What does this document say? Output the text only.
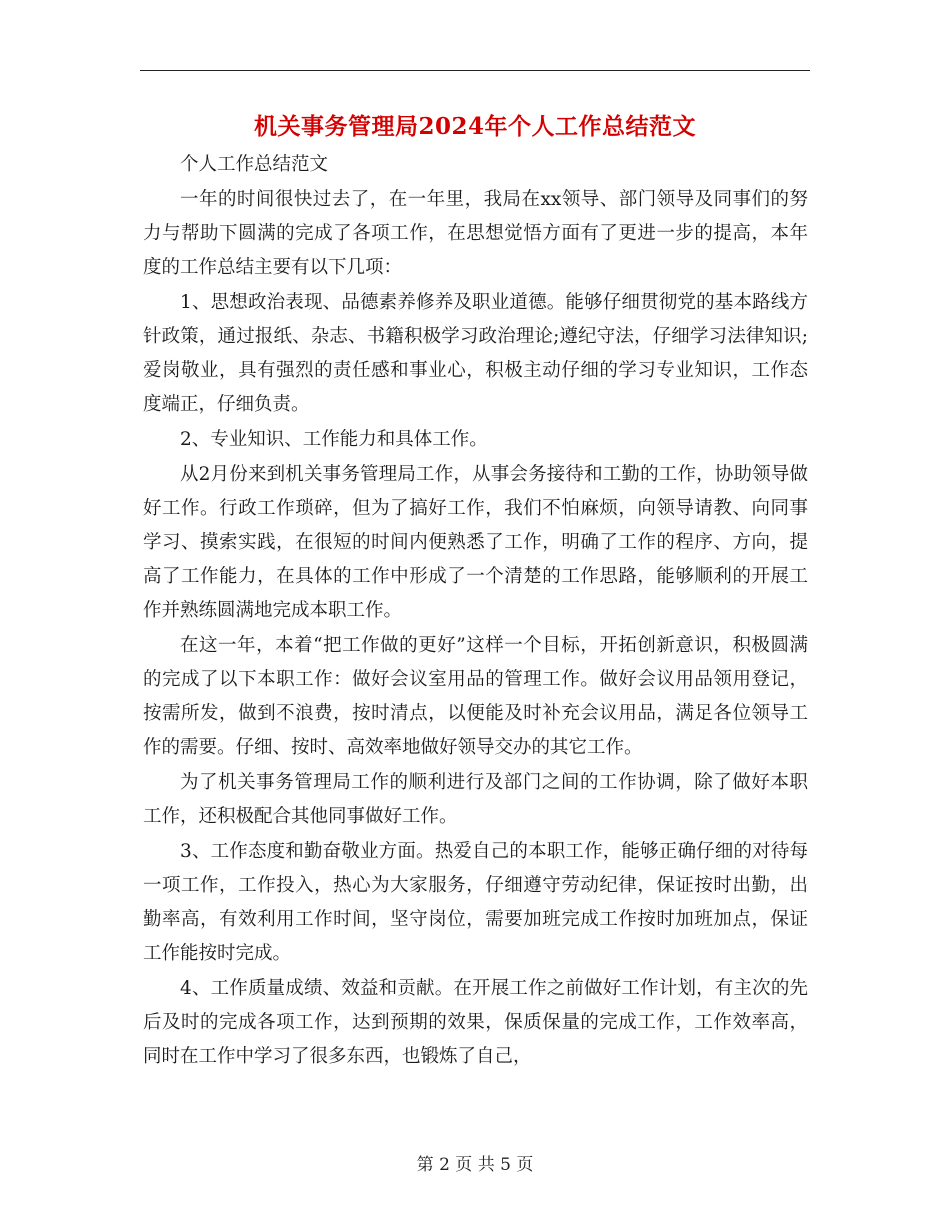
机关事务管理局2024年个人工作总结范文

个人工作总结范文

一年的时间很快过去了，在一年里，我局在xx领导、部门领导及同事们的努力与帮助下圆满的完成了各项工作，在思想觉悟方面有了更进一步的提高，本年度的工作总结主要有以下几项：

1、思想政治表现、品德素养修养及职业道德。能够仔细贯彻党的基本路线方针政策，通过报纸、杂志、书籍积极学习政治理论;遵纪守法，仔细学习法律知识;爱岗敬业，具有强烈的责任感和事业心，积极主动仔细的学习专业知识，工作态度端正，仔细负责。

2、专业知识、工作能力和具体工作。

从2月份来到机关事务管理局工作，从事会务接待和工勤的工作，协助领导做好工作。行政工作琐碎，但为了搞好工作，我们不怕麻烦，向领导请教、向同事学习、摸索实践，在很短的时间内便熟悉了工作，明确了工作的程序、方向，提高了工作能力，在具体的工作中形成了一个清楚的工作思路，能够顺利的开展工作并熟练圆满地完成本职工作。

在这一年，本着“把工作做的更好”这样一个目标，开拓创新意识，积极圆满的完成了以下本职工作：做好会议室用品的管理工作。做好会议用品领用登记，按需所发，做到不浪费，按时清点，以便能及时补充会议用品，满足各位领导工作的需要。仔细、按时、高效率地做好领导交办的其它工作。

为了机关事务管理局工作的顺利进行及部门之间的工作协调，除了做好本职工作，还积极配合其他同事做好工作。

3、工作态度和勤奋敬业方面。热爱自己的本职工作，能够正确仔细的对待每一项工作，工作投入，热心为大家服务，仔细遵守劳动纪律，保证按时出勤，出勤率高，有效利用工作时间，坚守岗位，需要加班完成工作按时加班加点，保证工作能按时完成。

4、工作质量成绩、效益和贡献。在开展工作之前做好工作计划，有主次的先后及时的完成各项工作，达到预期的效果，保质保量的完成工作，工作效率高，同时在工作中学习了很多东西，也锻炼了自己，

第 2 页 共 5 页
